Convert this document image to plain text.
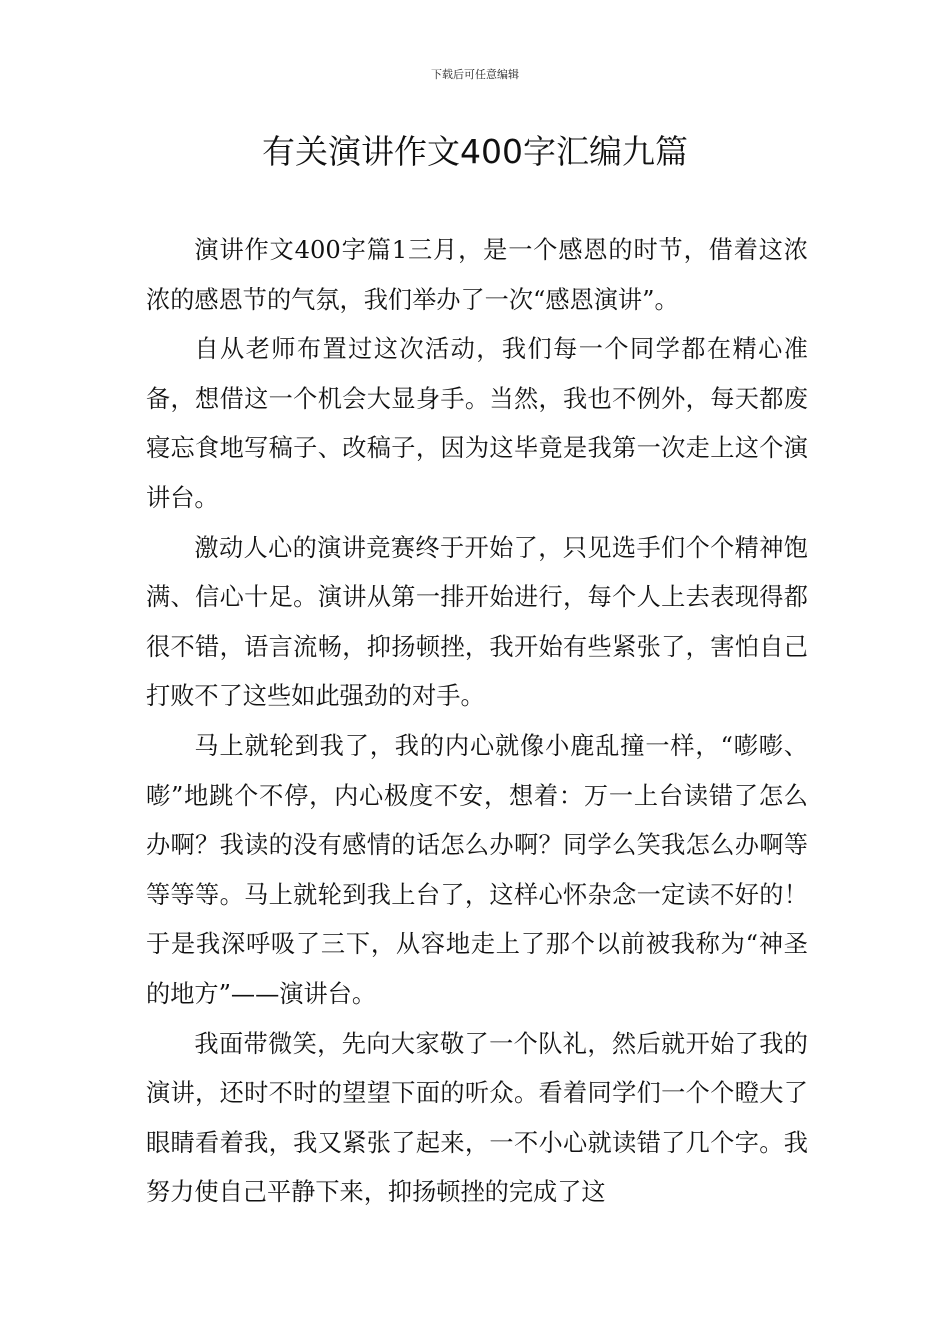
下载后可任意编辑
有关演讲作文400字汇编九篇

演讲作文400字篇1三月，是一个感恩的时节，借着这浓浓的感恩节的气氛，我们举办了一次“感恩演讲”。

自从老师布置过这次活动，我们每一个同学都在精心准备，想借这一个机会大显身手。当然，我也不例外，每天都废寝忘食地写稿子、改稿子，因为这毕竟是我第一次走上这个演讲台。

激动人心的演讲竞赛终于开始了，只见选手们个个精神饱满、信心十足。演讲从第一排开始进行，每个人上去表现得都很不错，语言流畅，抑扬顿挫，我开始有些紧张了，害怕自己打败不了这些如此强劲的对手。

马上就轮到我了，我的内心就像小鹿乱撞一样，“嘭嘭、嘭”地跳个不停，内心极度不安，想着：万一上台读错了怎么办啊？我读的没有感情的话怎么办啊？同学么笑我怎么办啊等等等等。马上就轮到我上台了，这样心怀杂念一定读不好的！于是我深呼吸了三下，从容地走上了那个以前被我称为“神圣的地方”——演讲台。

我面带微笑，先向大家敬了一个队礼，然后就开始了我的演讲，还时不时的望望下面的听众。看着同学们一个个瞪大了眼睛看着我，我又紧张了起来，一不小心就读错了几个字。我努力使自己平静下来，抑扬顿挫的完成了这
